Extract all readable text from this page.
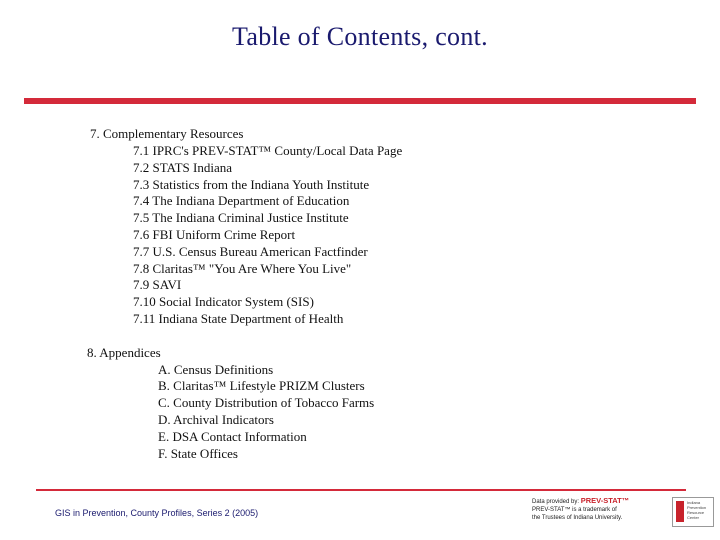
Table of Contents, cont.
7. Complementary Resources
7.1 IPRC's PREV-STAT™ County/Local Data Page
7.2 STATS Indiana
7.3 Statistics from the Indiana Youth Institute
7.4 The Indiana Department of Education
7.5 The Indiana Criminal Justice Institute
7.6 FBI Uniform Crime Report
7.7 U.S. Census Bureau American Factfinder
7.8 Claritas™ "You Are Where You Live"
7.9 SAVI
7.10 Social Indicator System (SIS)
7.11 Indiana State Department of Health
8. Appendices
A. Census Definitions
B. Claritas™ Lifestyle PRIZM Clusters
C. County Distribution of Tobacco Farms
D. Archival Indicators
E. DSA Contact Information
F. State Offices
GIS in Prevention, County Profiles, Series 2 (2005)
Data provided by: PREV-STAT™
PREV-STAT™ is a trademark of
the Trustees of Indiana University.
Indiana Prevention Resource Center
